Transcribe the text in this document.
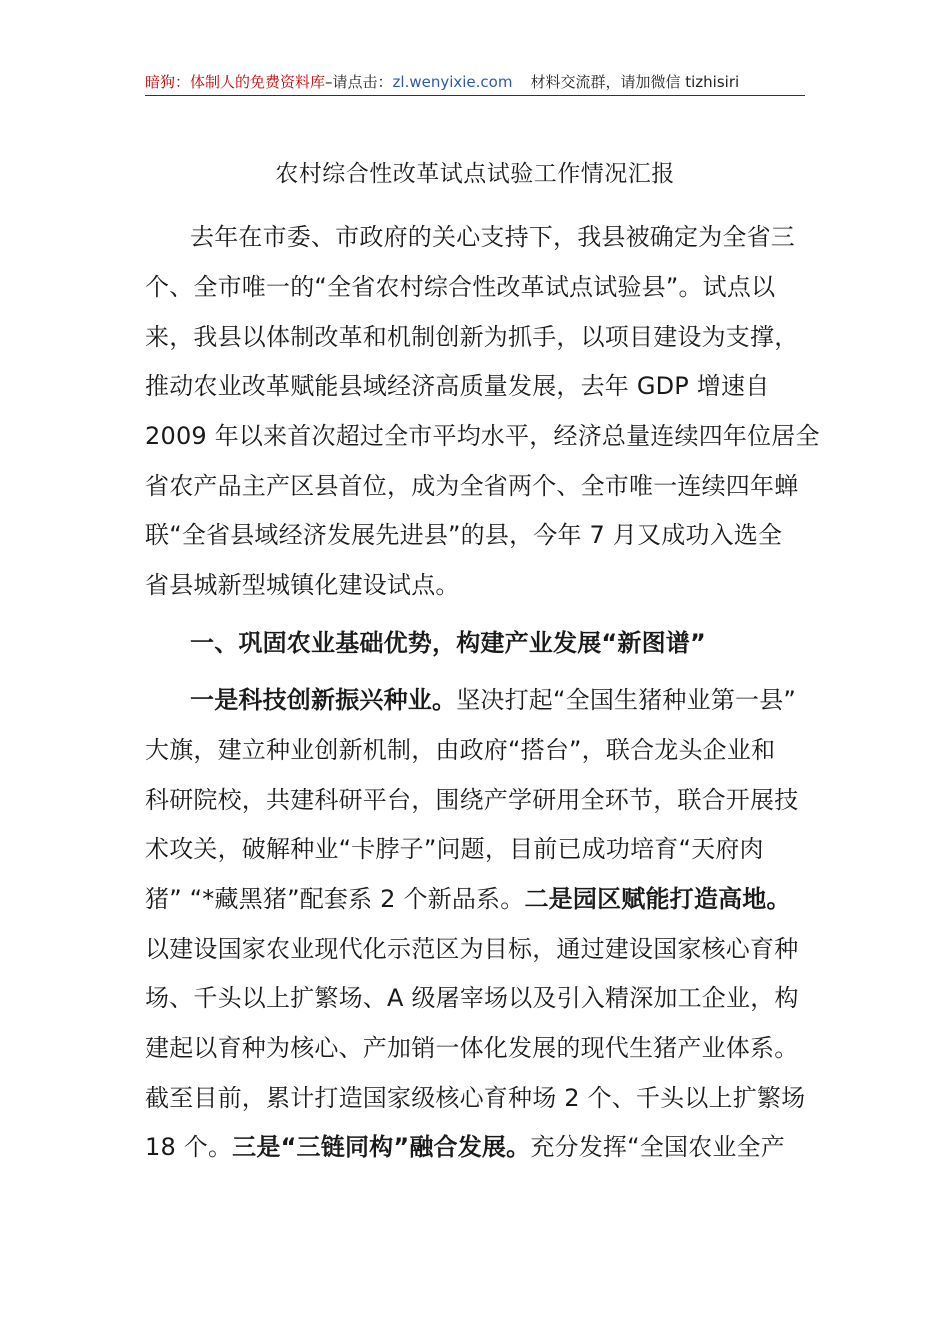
暗狗：体制人的免费资料库–请点击：zl.wenyixie.com 材料交流群，请加微信 tizhisiri
农村综合性改革试点试验工作情况汇报
去年在市委、市政府的关心支持下，我县被确定为全省三
个、全市唯一的“全省农村综合性改革试点试验县”。试点以
来，我县以体制改革和机制创新为抓手，以项目建设为支撑，
推动农业改革赋能县域经济高质量发展，去年 GDP 增速自
2009 年以来首次超过全市平均水平，经济总量连续四年位居全
省农产品主产区县首位，成为全省两个、全市唯一连续四年蝉
联“全省县域经济发展先进县”的县，今年 7 月又成功入选全
省县城新型城镇化建设试点。
一、巩固农业基础优势，构建产业发展“新图谱”
一是科技创新振兴种业。坚决打起“全国生猪种业第一县”
大旗，建立种业创新机制，由政府“搭台”，联合龙头企业和
科研院校，共建科研平台，围绕产学研用全环节，联合开展技
术攻关，破解种业“卡脖子”问题，目前已成功培育“天府肉
猪” “*藏黑猪”配套系 2 个新品系。二是园区赋能打造高地。
以建设国家农业现代化示范区为目标，通过建设国家核心育种
场、千头以上扩繁场、A 级屠宰场以及引入精深加工企业，构
建起以育种为核心、产加销一体化发展的现代生猪产业体系。
截至目前，累计打造国家级核心育种场 2 个、千头以上扩繁场
18 个。三是“三链同构”融合发展。充分发挥“全国农业全产
